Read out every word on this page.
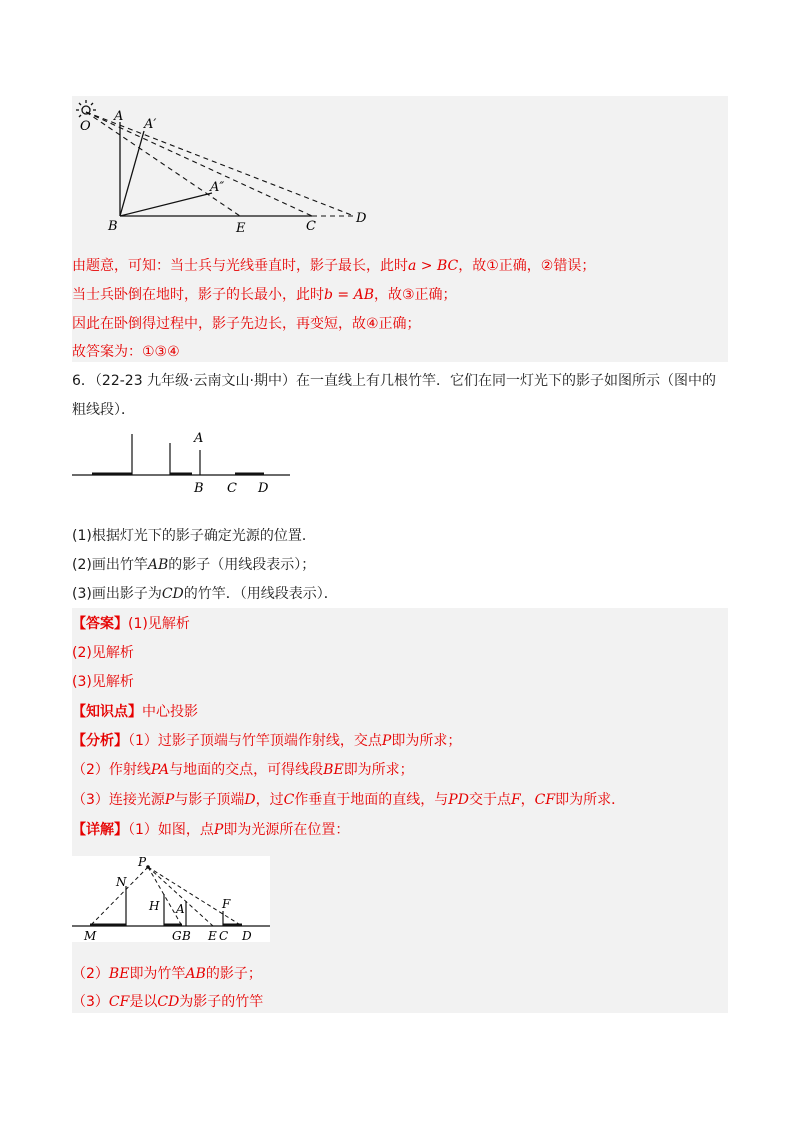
O
A
A′
A″
B	E	C
D
由题意，可知：当士兵与光线垂直时，影子最长，此时a > BC，故①正确，②错误；
当士兵卧倒在地时，影子的长最小，此时b = AB，故③正确；
因此在卧倒得过程中，影子先边长，再变短，故④正确；
故答案为：①③④
6．（22-23 九年级·云南文山·期中）在一直线上有几根竹竿．它们在同一灯光下的影子如图所示（图中的
粗线段）．
A
B C D
(1)根据灯光下的影子确定光源的位置．
(2)画出竹竿AB的影子（用线段表示）；
(3)画出影子为CD的竹竿．（用线段表示）．
【答案】(1)见解析
(2)见解析
(3)见解析
【知识点】中心投影
【分析】（1）过影子顶端与竹竿顶端作射线，交点P即为所求；
（2）作射线PA与地面的交点，可得线段BE即为所求；
（3）连接光源P与影子顶端D，过C作垂直于地面的直线，与PD交于点F，CF即为所求．
【详解】（1）如图，点P即为光源所在位置：
P
N
H A	F
M	G B E C D
（2）BE即为竹竿AB的影子；
（3）CF是以CD为影子的竹竿
